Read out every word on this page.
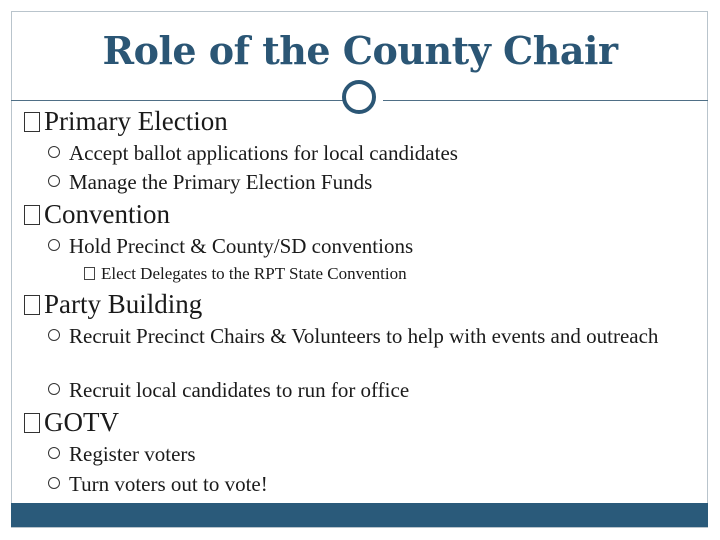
Role of the County Chair
Primary Election
Accept ballot applications for local candidates
Manage the Primary Election Funds
Convention
Hold Precinct & County/SD conventions
Elect Delegates to the RPT State Convention
Party Building
Recruit Precinct Chairs & Volunteers to help with events and outreach
Recruit local candidates to run for office
GOTV
Register voters
Turn voters out to vote!
